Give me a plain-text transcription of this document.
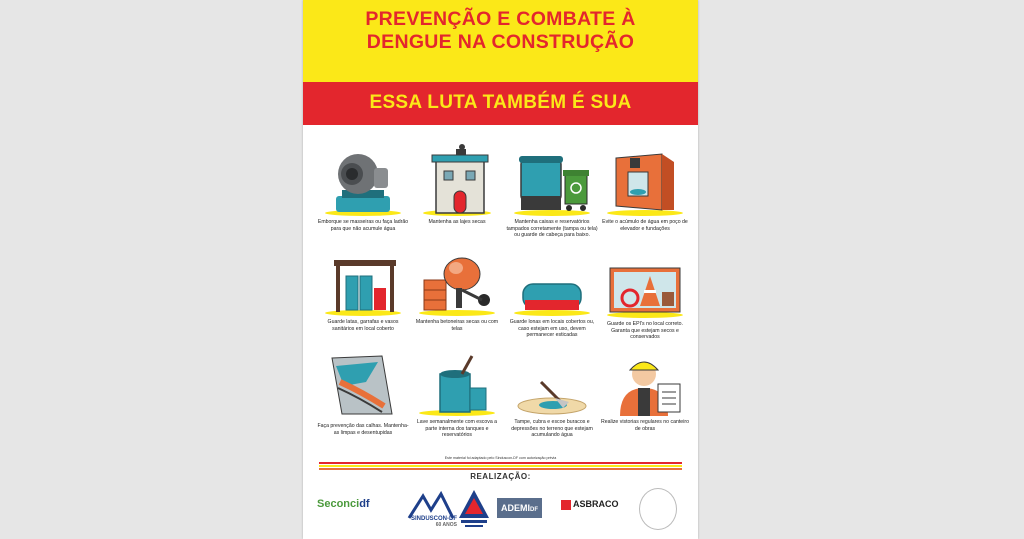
PREVENÇÃO E COMBATE À
DENGUE NA CONSTRUÇÃO
ESSA LUTA TAMBÉM É SUA
Emborque se masseiras ou faça ladrão para que não acumule água
Mantenha as lajes secas	Mantenha caixas e reservatórios tampados corretamente (tampa ou tela) ou guarde de cabeça para baixo.
Evite o acúmulo de água em poço de elevador e fundações
Guarde latas, garrafas e vasos sanitários em local coberto
Mantenha betoneiras secas ou com telas
Guarde lonas em locais cobertos ou, caso estejam em uso, devem permanecer esticadas
Guarde os EPI's no local correto. Garanta que estejam secos e conservados
Faça prevenção das calhas. Mantenha-as limpas e desentupidas
Lave semanalmente com escova a parte interna dos tanques e reservatórios
Tampe, cubra e escoe buracos e depressões no terreno que estejam acumulando água
Realize vistorias regulares no canteiro de obras
Este material foi adaptado pelo Sinduscon-DF com autorização prévia
REALIZAÇÃO:
Seconcidf
SINDUSCON-DF
60 ANOS
ADEMIDF
ASBRACO
